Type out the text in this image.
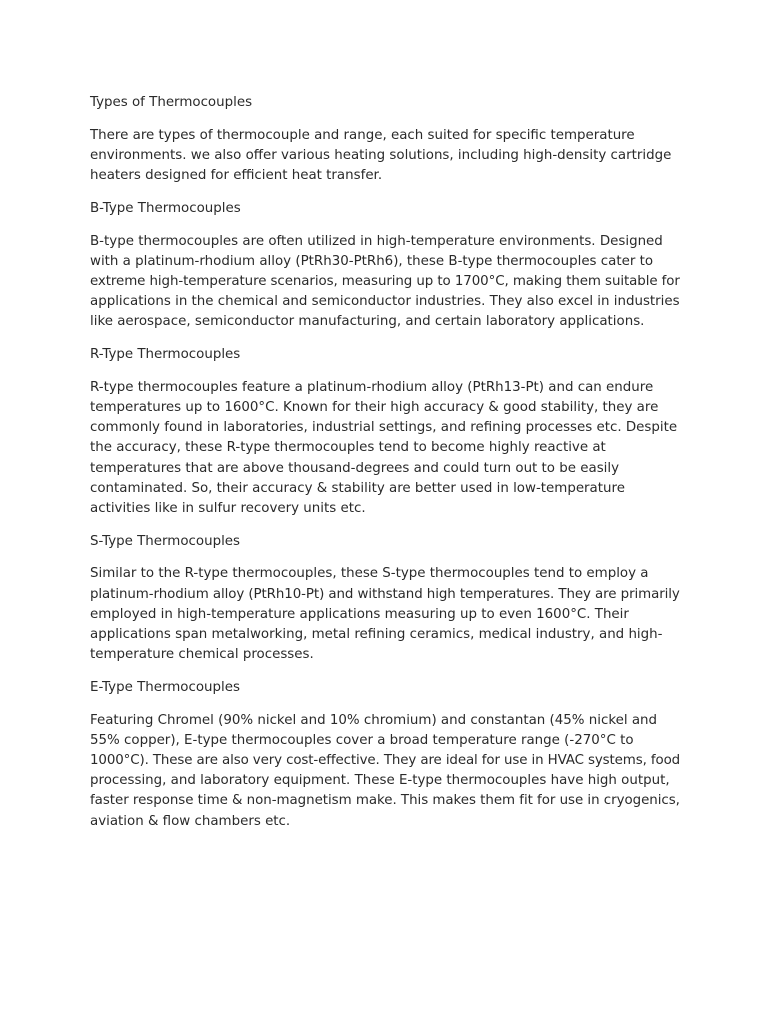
Types of Thermocouples
There are types of thermocouple and range, each suited for specific temperature
environments. we also offer various heating solutions, including high-density cartridge
heaters designed for efficient heat transfer.
B-Type Thermocouples
B-type thermocouples are often utilized in high-temperature environments. Designed
with a platinum-rhodium alloy (PtRh30-PtRh6), these B-type thermocouples cater to
extreme high-temperature scenarios, measuring up to 1700°C, making them suitable for
applications in the chemical and semiconductor industries. They also excel in industries
like aerospace, semiconductor manufacturing, and certain laboratory applications.
R-Type Thermocouples
R-type thermocouples feature a platinum-rhodium alloy (PtRh13-Pt) and can endure
temperatures up to 1600°C. Known for their high accuracy & good stability, they are
commonly found in laboratories, industrial settings, and refining processes etc. Despite
the accuracy, these R-type thermocouples tend to become highly reactive at
temperatures that are above thousand-degrees and could turn out to be easily
contaminated. So, their accuracy & stability are better used in low-temperature
activities like in sulfur recovery units etc.
S-Type Thermocouples
Similar to the R-type thermocouples, these S-type thermocouples tend to employ a
platinum-rhodium alloy (PtRh10-Pt) and withstand high temperatures. They are primarily
employed in high-temperature applications measuring up to even 1600°C. Their
applications span metalworking, metal refining ceramics, medical industry, and high-
temperature chemical processes.
E-Type Thermocouples
Featuring Chromel (90% nickel and 10% chromium) and constantan (45% nickel and
55% copper), E-type thermocouples cover a broad temperature range (-270°C to
1000°C). These are also very cost-effective. They are ideal for use in HVAC systems, food
processing, and laboratory equipment. These E-type thermocouples have high output,
faster response time & non-magnetism make. This makes them fit for use in cryogenics,
aviation & flow chambers etc.
